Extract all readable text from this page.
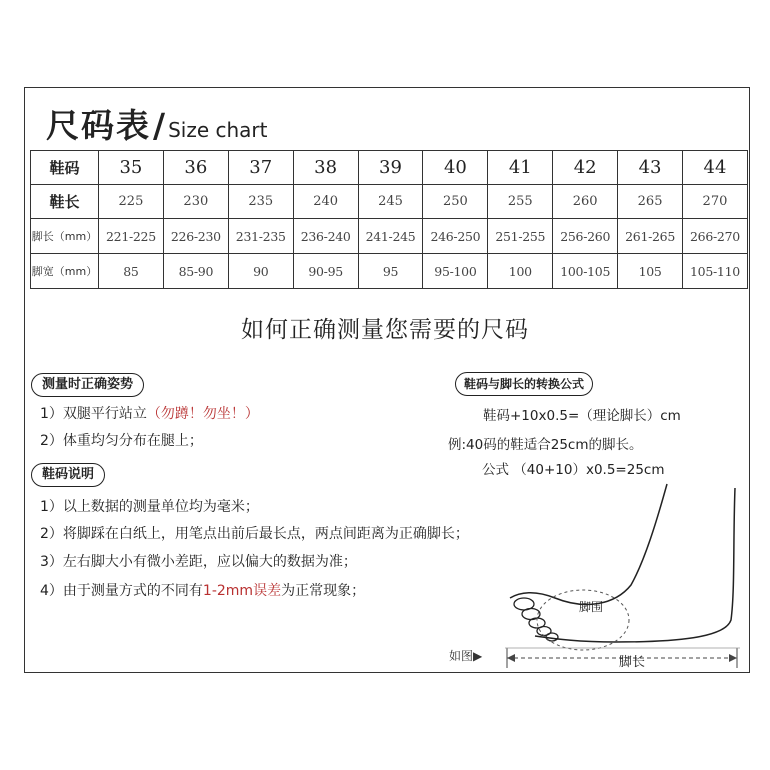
尺码表 / Size chart
鞋码	35	36	37	38	39	40	41	42	43	44
鞋长	225	230	235	240	245	250	255	260	265	270
脚长（mm）	221-225	226-230	231-235	236-240	241-245	246-250	251-255	256-260	261-265	266-270
脚宽（mm）	85	85-90	90	90-95	95	95-100	100	100-105	105	105-110
如何正确测量您需要的尺码
测量时正确姿势
1）双腿平行站立（勿蹲！勿坐！）
2）体重均匀分布在腿上；
鞋码说明
1）以上数据的测量单位均为毫米；
2）将脚踩在白纸上，用笔点出前后最长点，两点间距离为正确脚长；
3）左右脚大小有微小差距，应以偏大的数据为准；
4）由于测量方式的不同有1-2mm误差为正常现象；
鞋码与脚长的转换公式
鞋码+10x0.5=（理论脚长）cm
例:40码的鞋适合25cm的脚长。
公式 （40+10）x0.5=25cm
脚围
脚长
如图▶
